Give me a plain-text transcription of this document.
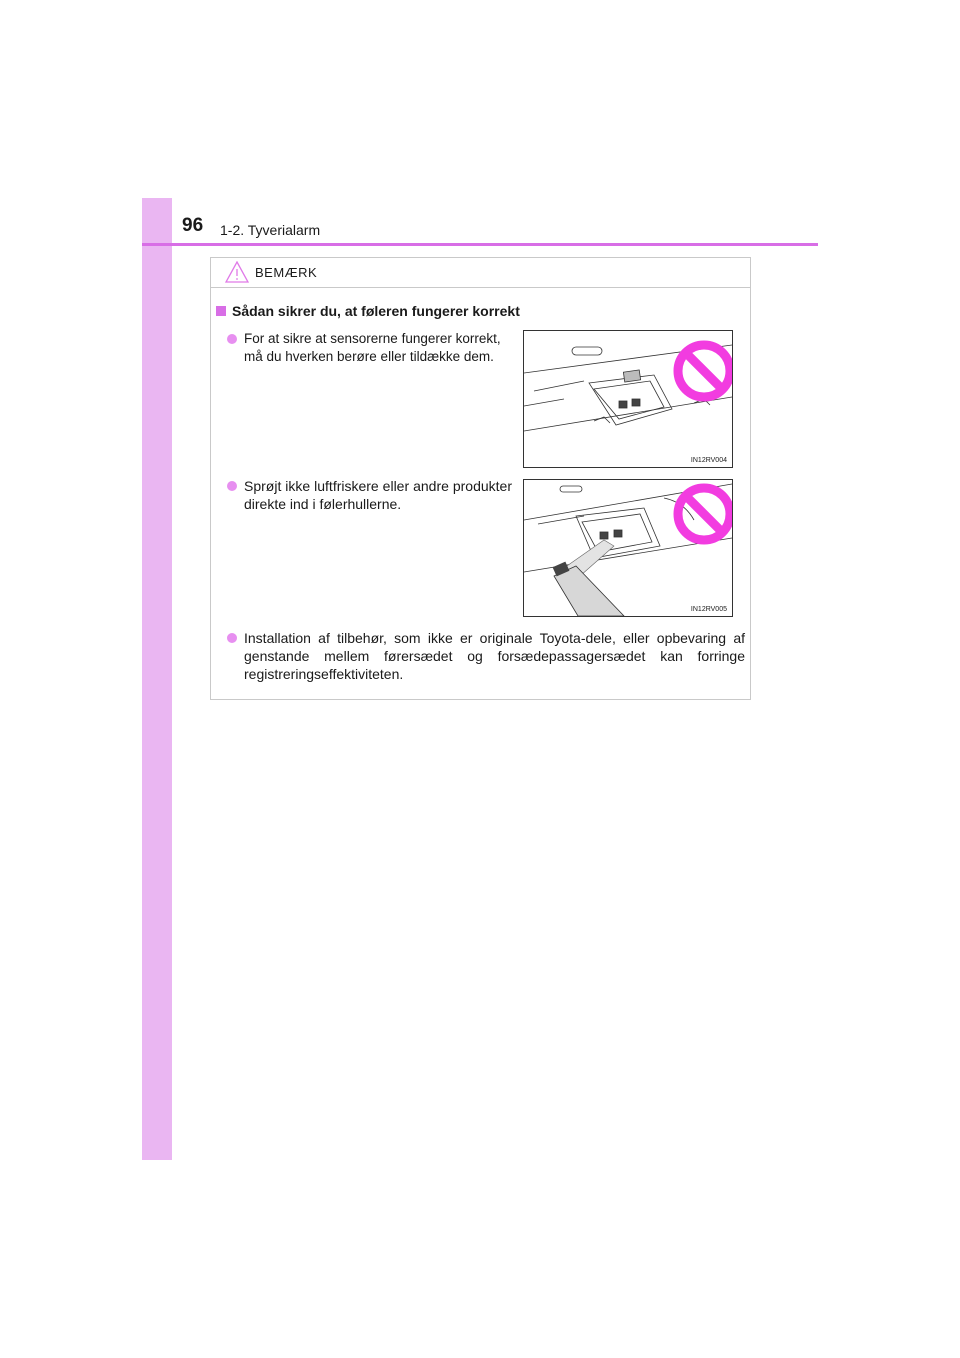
96 1-2. Tyverialarm
BEMÆRK
Sådan sikrer du, at føleren fungerer korrekt
For at sikre at sensorerne fungerer korrekt, må du hverken berøre eller tildække dem.
IN12RV004
Sprøjt ikke luftfriskere eller andre produkter direkte ind i følerhullerne.
IN12RV005
Installation af tilbehør, som ikke er originale Toyota-dele, eller opbevaring af genstande mellem førersædet og forsædepassagersædet kan forringe registreringseffektiviteten.
